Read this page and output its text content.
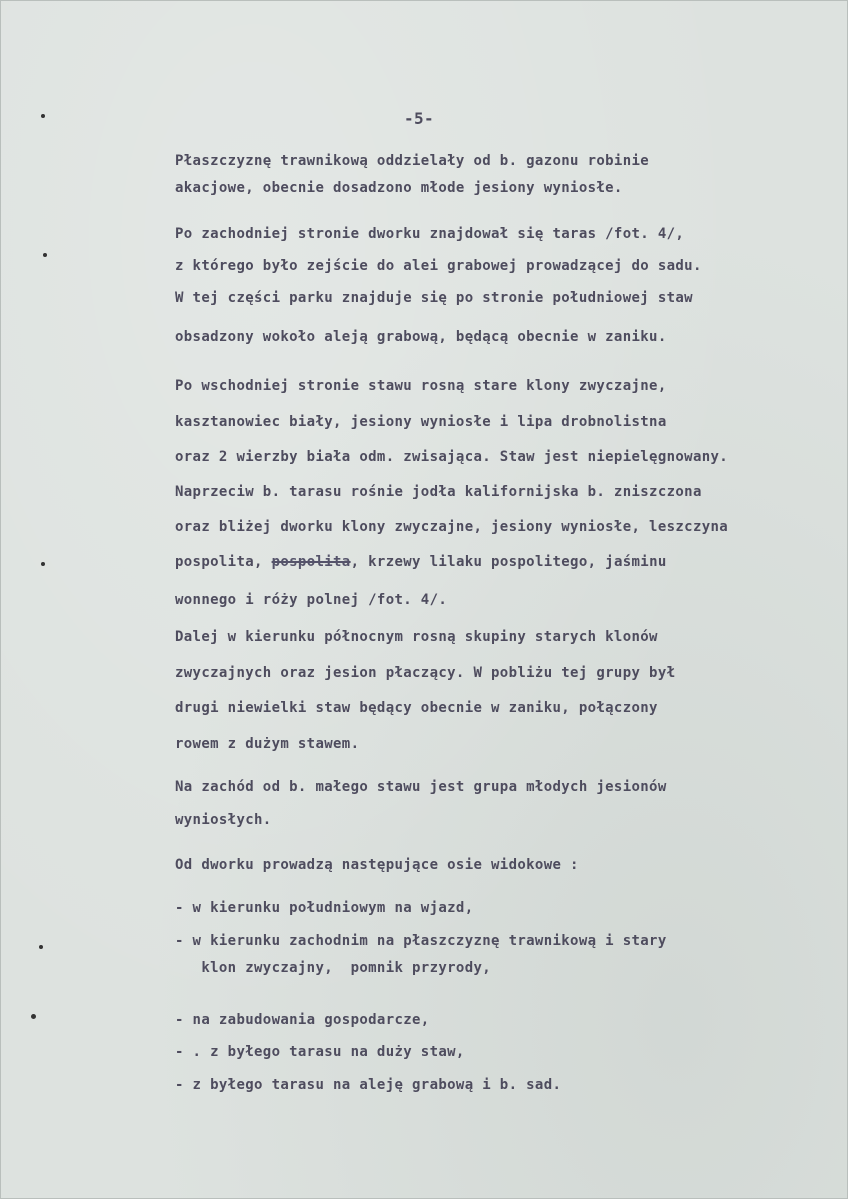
-5-
Płaszczyznę trawnikową oddzielały od b. gazonu robinie
akacjowe, obecnie dosadzono młode jesiony wyniosłe.
Po zachodniej stronie dworku znajdował się taras /fot. 4/,
z którego było zejście do alei grabowej prowadzącej do sadu.
W tej części parku znajduje się po stronie południowej staw
obsadzony wokoło aleją grabową, będącą obecnie w zaniku.
Po wschodniej stronie stawu rosną stare klony zwyczajne,
kasztanowiec biały, jesiony wyniosłe i lipa drobnolistna
oraz 2 wierzby biała odm. zwisająca. Staw jest niepielęgnowany.
Naprzeciw b. tarasu rośnie jodła kalifornijska b. zniszczona
oraz bliżej dworku klony zwyczajne, jesiony wyniosłe, leszczyna
pospolita, pospolita, krzewy lilaku pospolitego, jaśminu
wonnego i róży polnej /fot. 4/.
Dalej w kierunku północnym rosną skupiny starych klonów
zwyczajnych oraz jesion płaczący. W pobliżu tej grupy był
drugi niewielki staw będący obecnie w zaniku, połączony
rowem z dużym stawem.
Na zachód od b. małego stawu jest grupa młodych jesionów
wyniosłych.
Od dworku prowadzą następujące osie widokowe :
- w kierunku południowym na wjazd,
- w kierunku zachodnim na płaszczyznę trawnikową i stary
klon zwyczajny,  pomnik przyrody,
- na zabudowania gospodarcze,
- . z byłego tarasu na duży staw,
- z byłego tarasu na aleję grabową i b. sad.
